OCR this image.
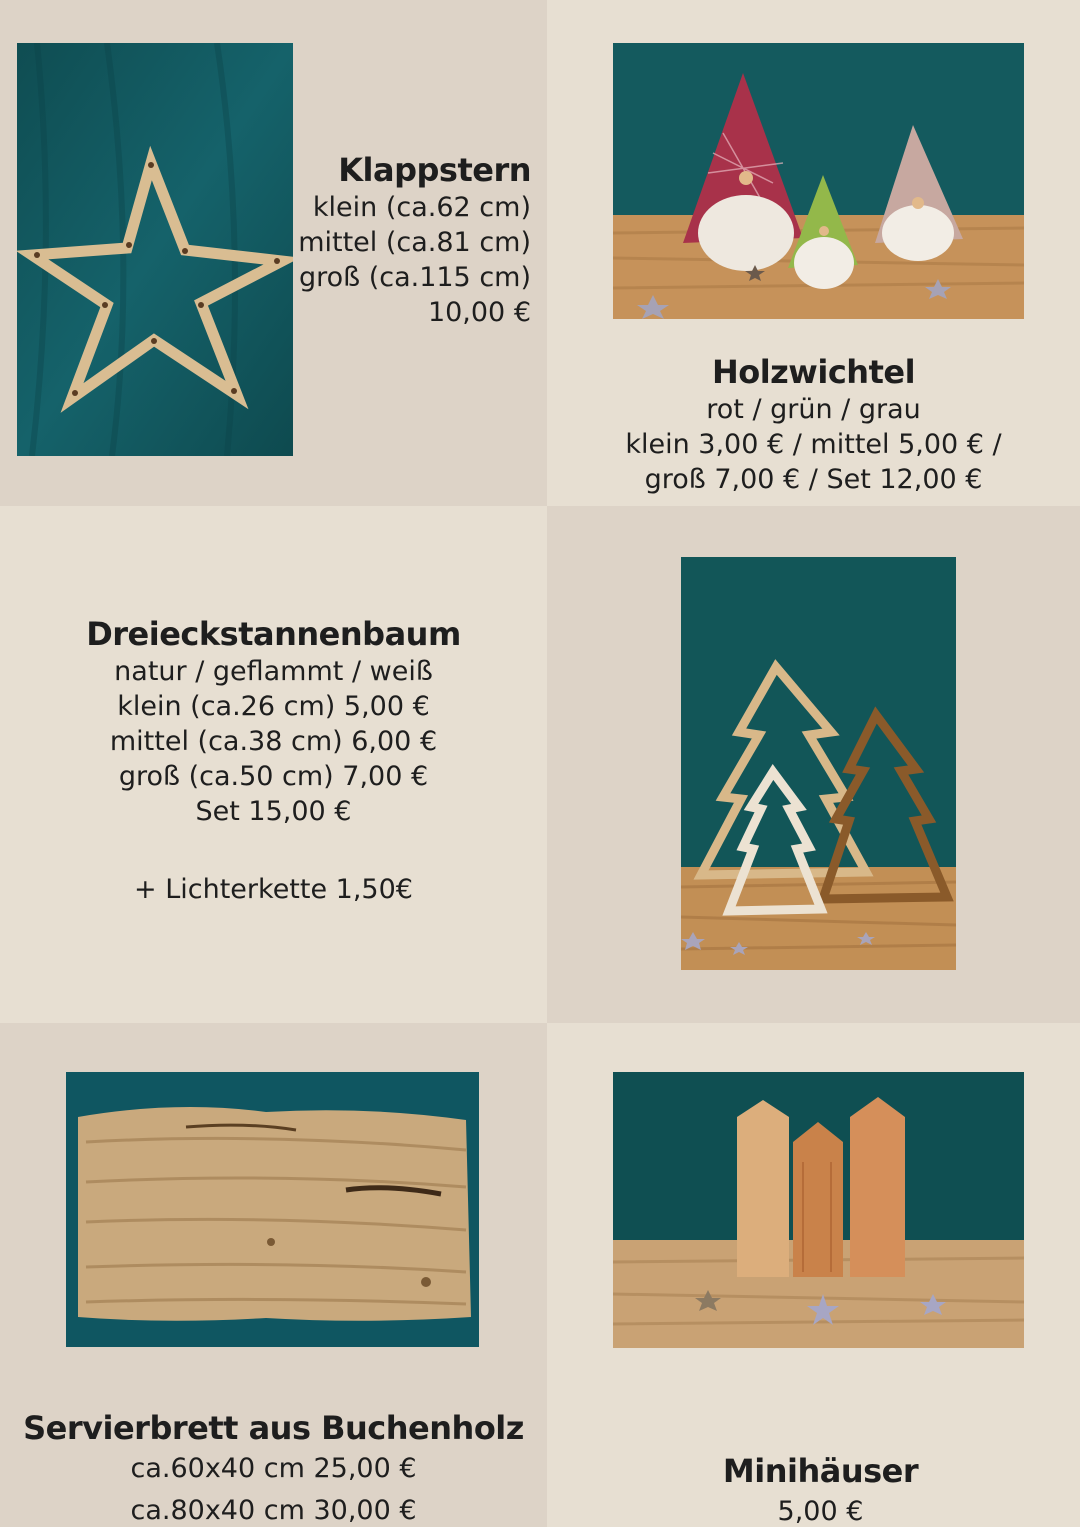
Klappstern
klein (ca.62 cm)
mittel (ca.81 cm)
groß (ca.115 cm)
10,00 €
Holzwichtel
rot / grün / grau
klein 3,00 € / mittel 5,00 € /
groß 7,00 € / Set 12,00 €
Dreieckstannenbaum
natur / geflammt / weiß
klein (ca.26 cm) 5,00 €
mittel (ca.38 cm) 6,00 €
groß (ca.50 cm) 7,00 €
Set 15,00 €
+ Lichterkette 1,50€
Servierbrett aus Buchenholz
ca.60x40 cm 25,00 €
ca.80x40 cm 30,00 €
Minihäuser
5,00 €
